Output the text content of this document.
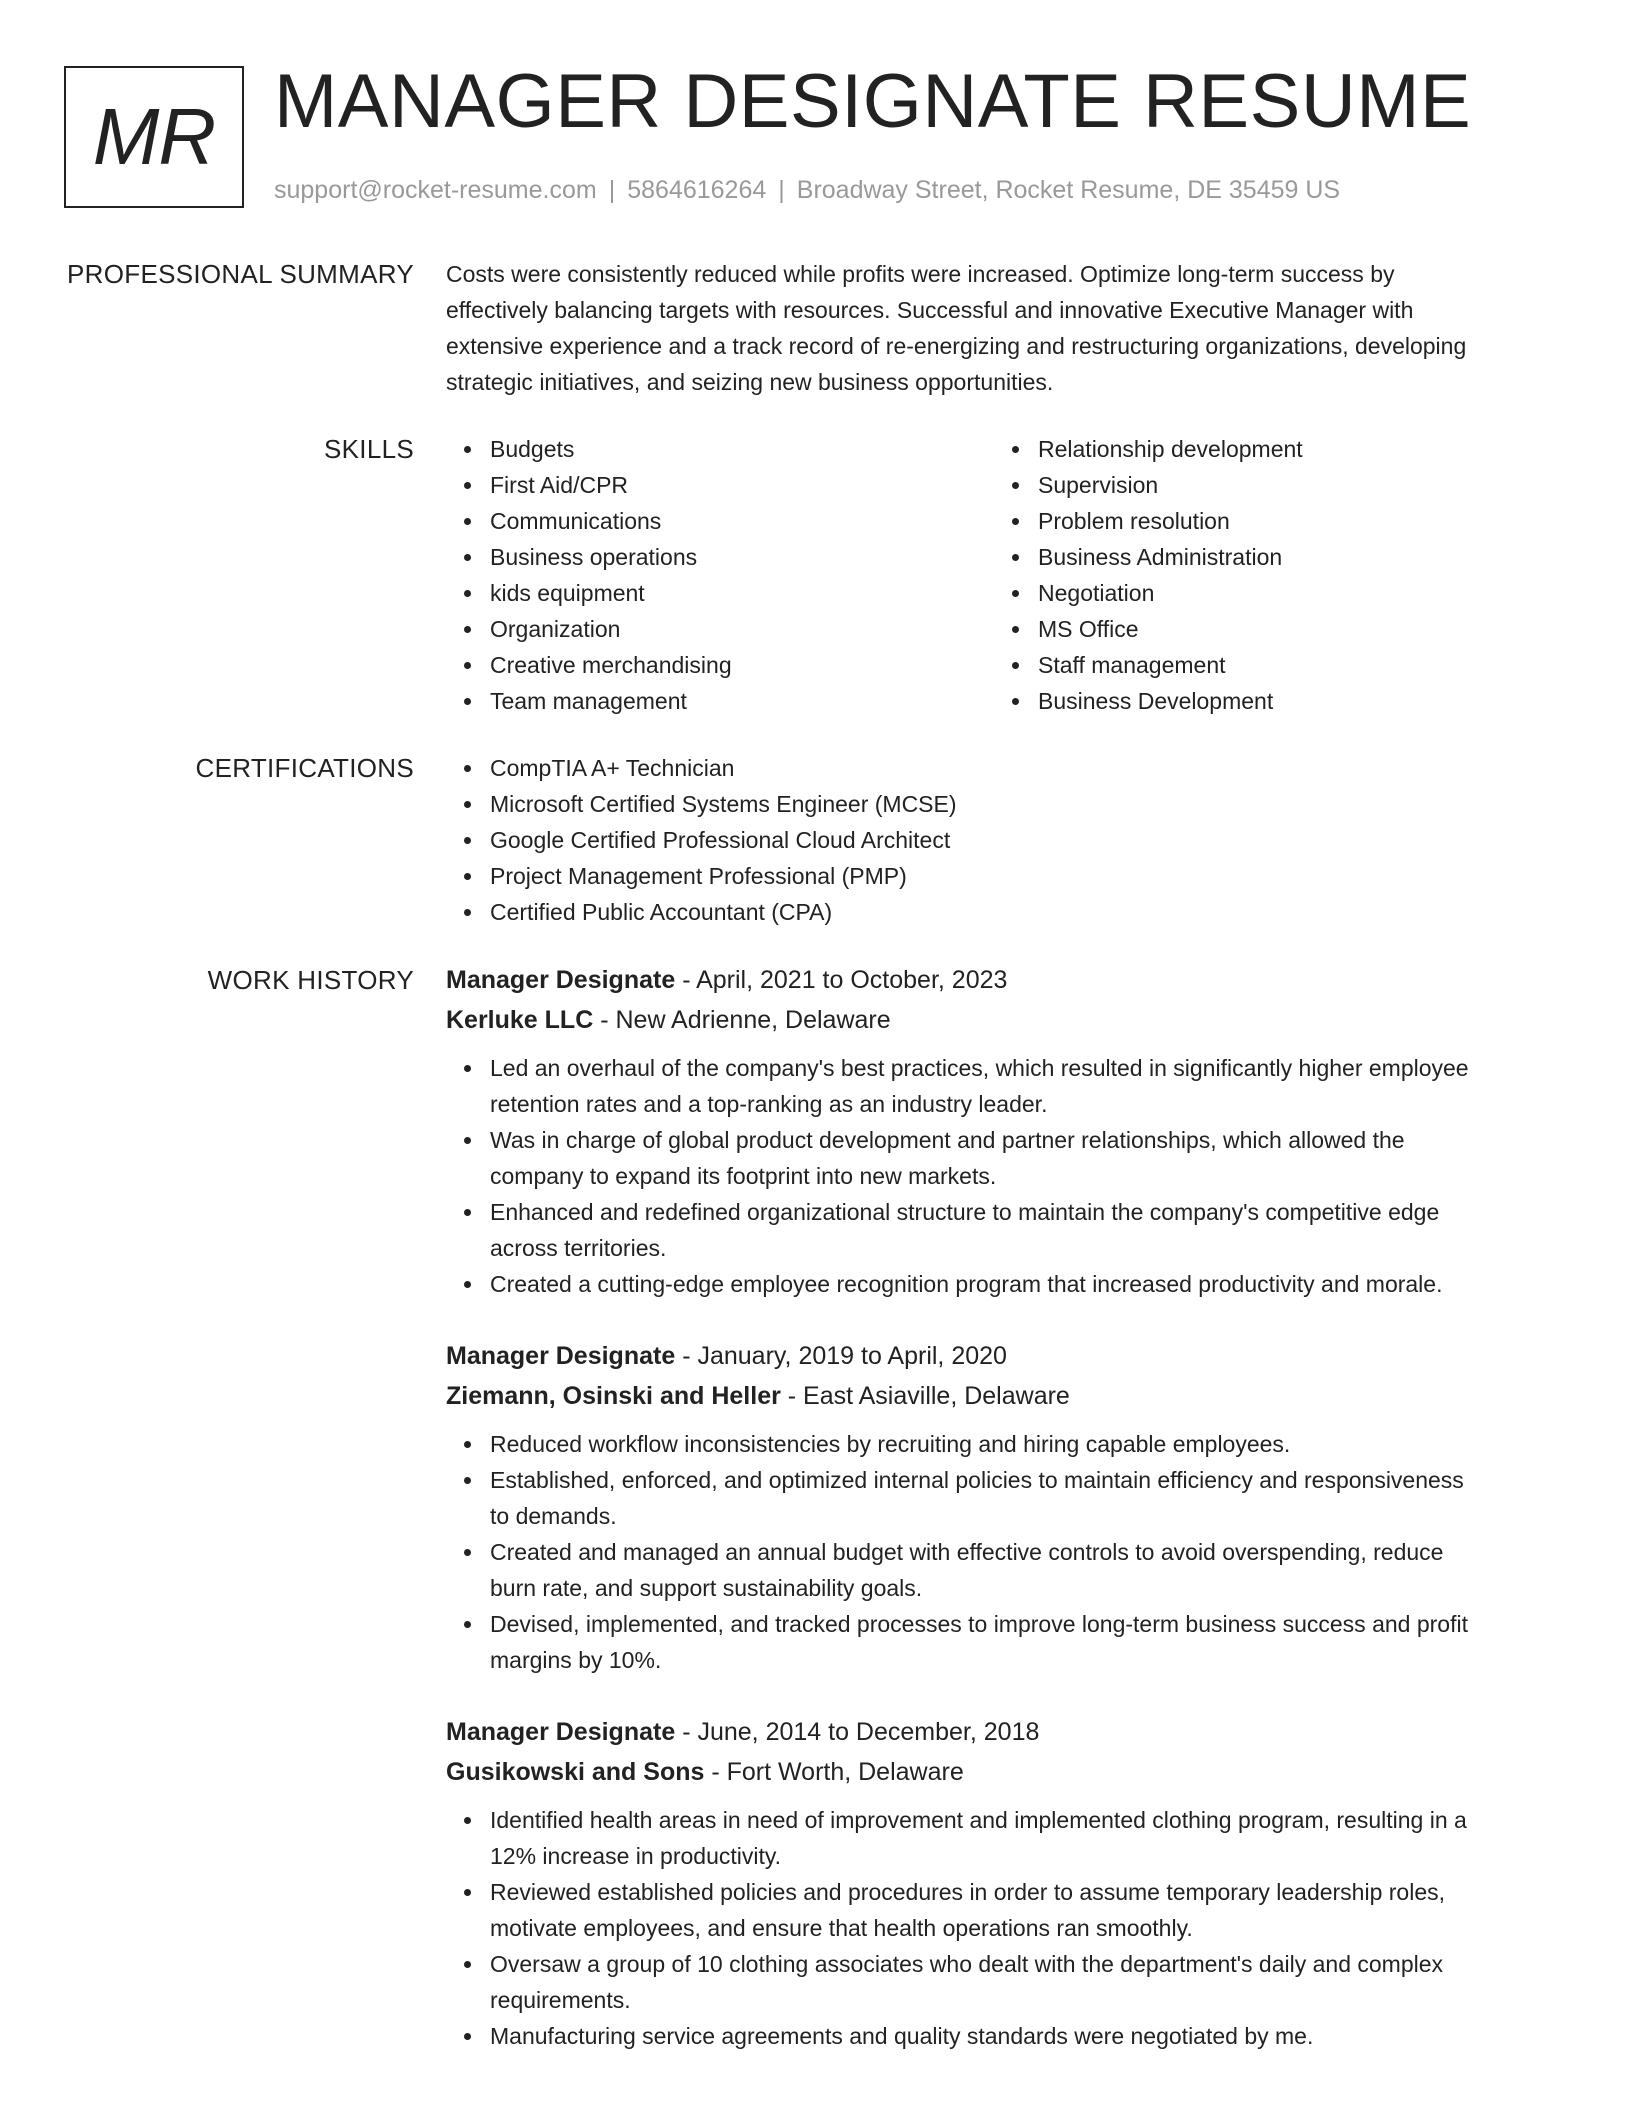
MR MANAGER DESIGNATE RESUME
support@rocket-resume.com | 5864616264 | Broadway Street, Rocket Resume, DE 35459 US
PROFESSIONAL SUMMARY Costs were consistently reduced while profits were increased. Optimize long-term success by
effectively balancing targets with resources. Successful and innovative Executive Manager with
extensive experience and a track record of re-energizing and restructuring organizations, developing
strategic initiatives, and seizing new business opportunities.
SKILLS	Budgets
First Aid/CPR
Communications
Business operations
kids equipment
Organization
Creative merchandising
Team management
Relationship development
Supervision
Problem resolution
Business Administration
Negotiation
MS Office
Staff management
Business Development
CERTIFICATIONS	CompTIA A+ Technician
Microsoft Certified Systems Engineer (MCSE)
Google Certified Professional Cloud Architect
Project Management Professional (PMP)
Certified Public Accountant (CPA)
WORK HISTORY Manager Designate - April, 2021 to October, 2023
Kerluke LLC - New Adrienne, Delaware
Led an overhaul of the company's best practices, which resulted in significantly higher employee
retention rates and a top-ranking as an industry leader.
Was in charge of global product development and partner relationships, which allowed the
company to expand its footprint into new markets.
Enhanced and redefined organizational structure to maintain the company's competitive edge
across territories.
Created a cutting-edge employee recognition program that increased productivity and morale.
Manager Designate - January, 2019 to April, 2020
Ziemann, Osinski and Heller - East Asiaville, Delaware
Reduced workflow inconsistencies by recruiting and hiring capable employees.
Established, enforced, and optimized internal policies to maintain efficiency and responsiveness
to demands.
Created and managed an annual budget with effective controls to avoid overspending, reduce
burn rate, and support sustainability goals.
Devised, implemented, and tracked processes to improve long-term business success and profit
margins by 10%.
Manager Designate - June, 2014 to December, 2018
Gusikowski and Sons - Fort Worth, Delaware
Identified health areas in need of improvement and implemented clothing program, resulting in a
12% increase in productivity.
Reviewed established policies and procedures in order to assume temporary leadership roles,
motivate employees, and ensure that health operations ran smoothly.
Oversaw a group of 10 clothing associates who dealt with the department's daily and complex
requirements.
Manufacturing service agreements and quality standards were negotiated by me.
